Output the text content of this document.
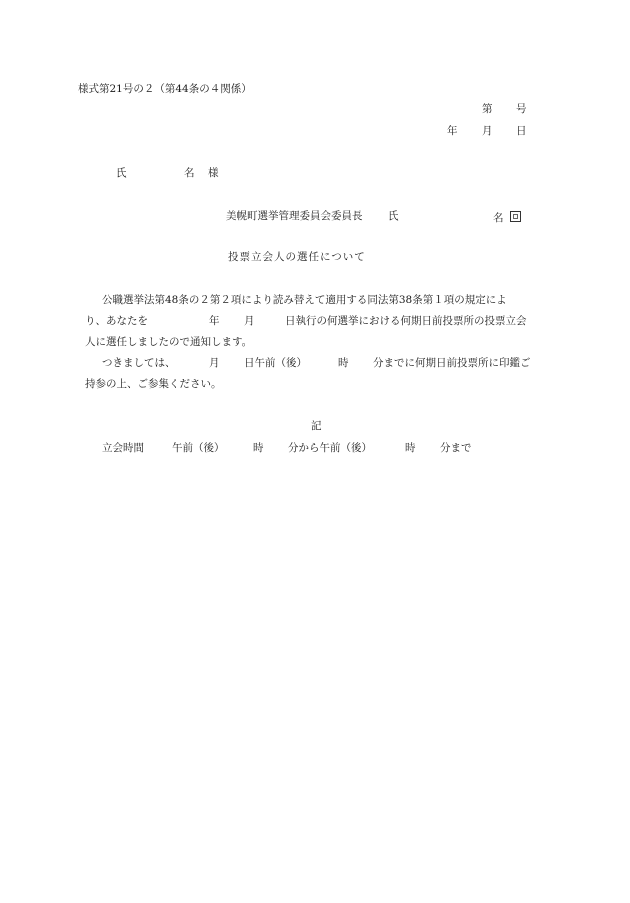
様式第21号の２（第44条の４関係）
第 号
年 月 日
氏	名 様
美幌町選挙管理委員会委員長 氏	名
投票立会人の選任について
公職選挙法第48条の２第２項により読み替えて適用する同法第38条第１項の規定によ
り、あなたを	年 月	日執行の何選挙における何期日前投票所の投票立会
人に選任しましたので通知します。
つきましては、	月 日午前（後）	時 分までに何期日前投票所に印鑑ご
持参の上、ご参集ください。
記
立会時間	午前（後）	時 分から午前（後）	時 分まで
